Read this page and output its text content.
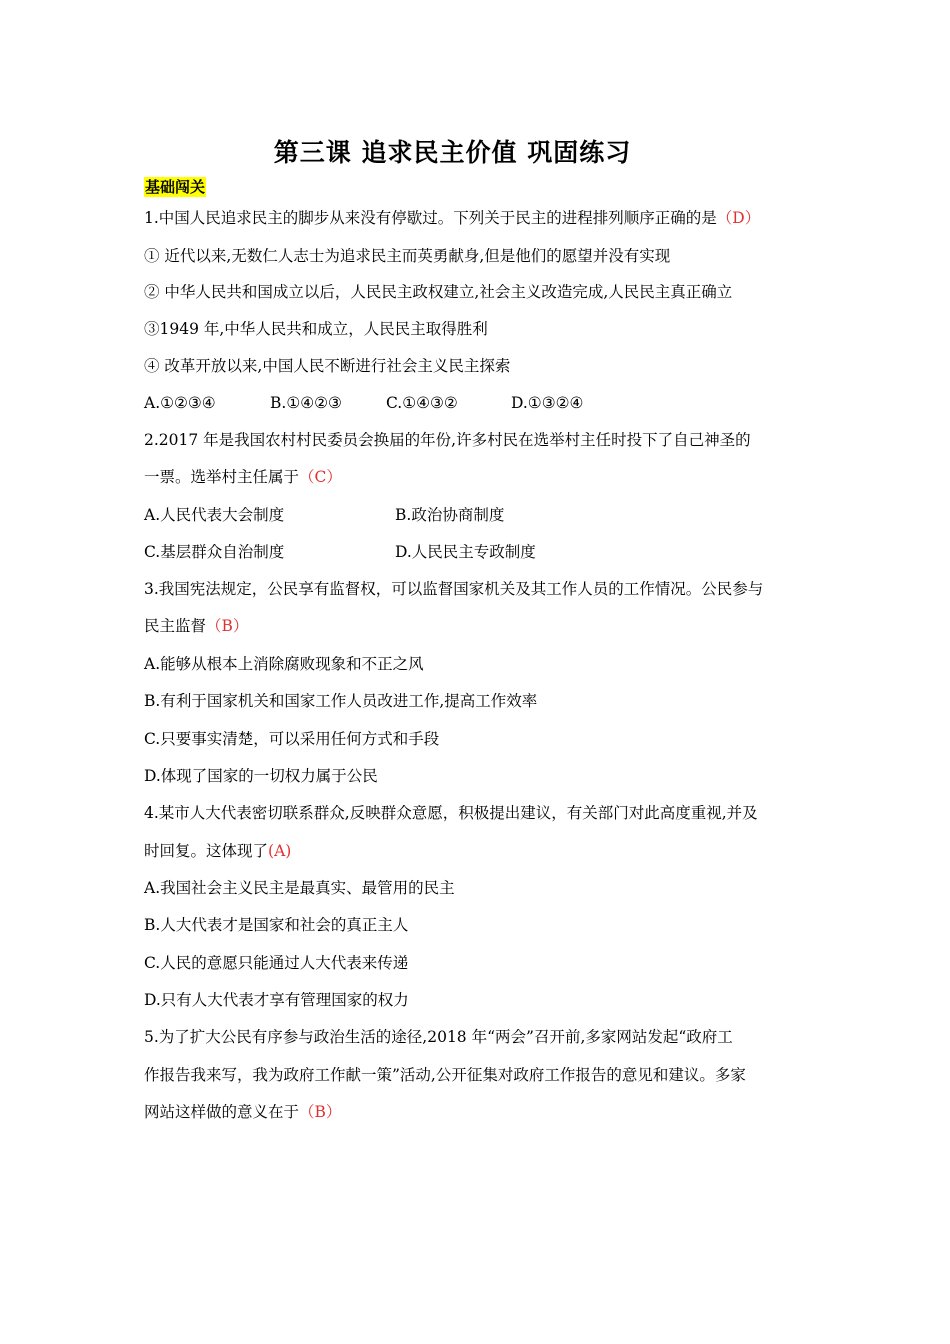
第三课 追求民主价值 巩固练习
基础闯关
1.中国人民追求民主的脚步从来没有停歇过。下列关于民主的进程排列顺序正确的是（D）
① 近代以来,无数仁人志士为追求民主而英勇献身,但是他们的愿望并没有实现
② 中华人民共和国成立以后，人民民主政权建立,社会主义改造完成,人民民主真正确立
③1949 年,中华人民共和成立，人民民主取得胜利
④ 改革开放以来,中国人民不断进行社会主义民主探索
A.①②③④	B.①④②③	C.①④③②	D.①③②④
2.2017 年是我国农村村民委员会换届的年份,许多村民在选举村主任时投下了自己神圣的
一票。选举村主任属于（C）
A.人民代表大会制度	B.政治协商制度
C.基层群众自治制度	D.人民民主专政制度
3.我国宪法规定，公民享有监督权，可以监督国家机关及其工作人员的工作情况。公民参与
民主监督（B）
A.能够从根本上消除腐败现象和不正之风
B.有利于国家机关和国家工作人员改进工作,提高工作效率
C.只要事实清楚，可以采用任何方式和手段
D.体现了国家的一切权力属于公民
4.某市人大代表密切联系群众,反映群众意愿，积极提出建议，有关部门对此高度重视,并及
时回复。这体现了(A)
A.我国社会主义民主是最真实、最管用的民主
B.人大代表才是国家和社会的真正主人
C.人民的意愿只能通过人大代表来传递
D.只有人大代表才享有管理国家的权力
5.为了扩大公民有序参与政治生活的途径,2018 年“两会”召开前,多家网站发起“政府工
作报告我来写，我为政府工作献一策”活动,公开征集对政府工作报告的意见和建议。多家
网站这样做的意义在于（B）
